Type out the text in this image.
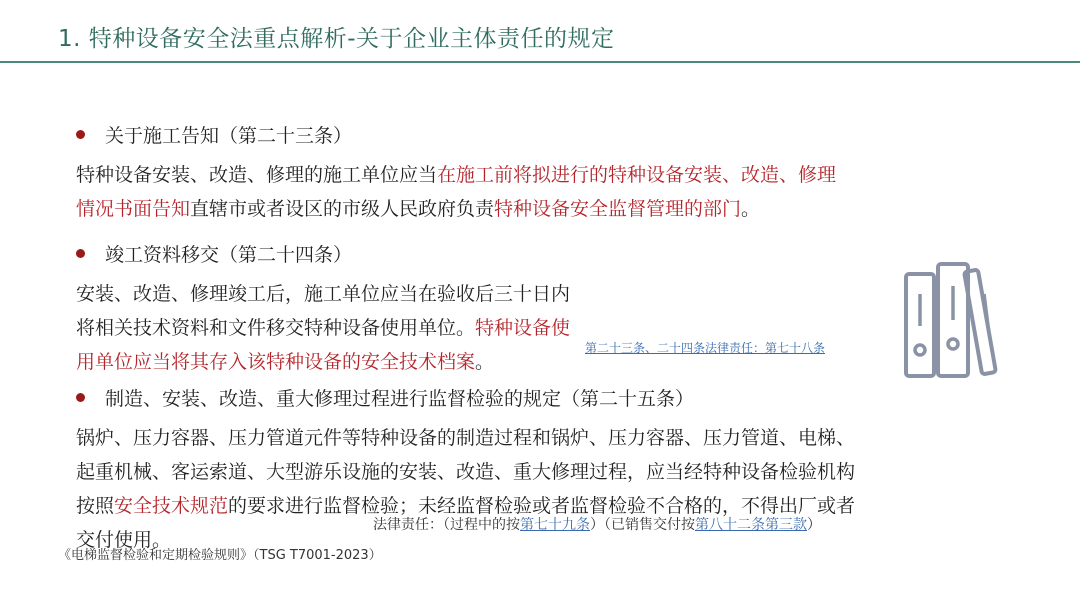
1. 特种设备安全法重点解析-关于企业主体责任的规定
关于施工告知（第二十三条）
特种设备安装、改造、修理的施工单位应当在施工前将拟进行的特种设备安装、改造、修理
情况书面告知直辖市或者设区的市级人民政府负责特种设备安全监督管理的部门。
竣工资料移交（第二十四条）
安装、改造、修理竣工后，施工单位应当在验收后三十日内
将相关技术资料和文件移交特种设备使用单位。特种设备使
用单位应当将其存入该特种设备的安全技术档案。
第二十三条、二十四条法律责任：第七十八条
制造、安装、改造、重大修理过程进行监督检验的规定（第二十五条）
锅炉、压力容器、压力管道元件等特种设备的制造过程和锅炉、压力容器、压力管道、电梯、
起重机械、客运索道、大型游乐设施的安装、改造、重大修理过程，应当经特种设备检验机构
按照安全技术规范的要求进行监督检验；未经监督检验或者监督检验不合格的，不得出厂或者
交付使用。
法律责任：（过程中的按第七十九条）（已销售交付按第八十二条第三款）
《电梯监督检验和定期检验规则》（TSG T7001-2023）
